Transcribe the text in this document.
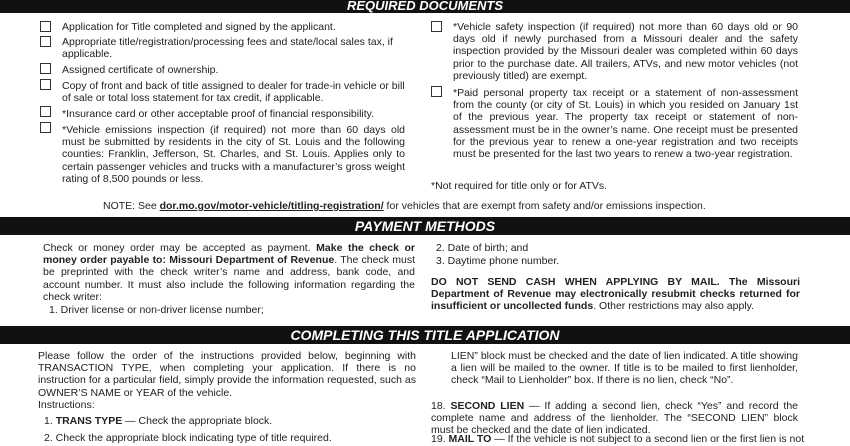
REQUIRED DOCUMENTS
Application for Title completed and signed by the applicant.
Appropriate title/registration/processing fees and state/local sales tax, if applicable.
Assigned certificate of ownership.
Copy of front and back of title assigned to dealer for trade-in vehicle or bill of sale or total loss statement for tax credit, if applicable.
*Insurance card or other acceptable proof of financial responsibility.
*Vehicle emissions inspection (if required) not more than 60 days old must be submitted by residents in the city of St. Louis and the following counties: Franklin, Jefferson, St. Charles, and St. Louis. Applies only to certain passenger vehicles and trucks with a manufacturer’s gross weight rating of 8,500 pounds or less.
*Vehicle safety inspection (if required) not more than 60 days old or 90 days old if newly purchased from a Missouri dealer and the safety inspection provided by the Missouri dealer was completed within 60 days prior to the purchase date. All trailers, ATVs, and new motor vehicles (not previously titled) are exempt.
*Paid personal property tax receipt or a statement of non-assessment from the county (or city of St. Louis) in which you resided on January 1st of the previous year. The property tax receipt or statement of non-assessment must be in the owner’s name. One receipt must be presented for the previous year to renew a one-year registration and two receipts must be presented for the last two years to renew a two-year registration.
*Not required for title only or for ATVs.
NOTE: See dor.mo.gov/motor-vehicle/titling-registration/ for vehicles that are exempt from safety and/or emissions inspection.
PAYMENT METHODS
Check or money order may be accepted as payment. Make the check or money order payable to: Missouri Department of Revenue. The check must be preprinted with the check writer’s name and address, bank code, and account number. It must also include the following information regarding the check writer:
1. Driver license or non-driver license number;
2. Date of birth; and
3. Daytime phone number.
DO NOT SEND CASH WHEN APPLYING BY MAIL. The Missouri Department of Revenue may electronically resubmit checks returned for insufficient or uncollected funds. Other restrictions may also apply.
COMPLETING THIS TITLE APPLICATION
Please follow the order of the instructions provided below, beginning with TRANSACTION TYPE, when completing your application. If there is no instruction for a particular field, simply provide the information requested, such as OWNER’S NAME or YEAR of the vehicle.
Instructions:
1. TRANS TYPE — Check the appropriate block.
2. Check the appropriate block indicating type of title required.
LIEN” block must be checked and the date of lien indicated. A title showing a lien will be mailed to the owner. If title is to be mailed to first lienholder, check “Mail to Lienholder” box. If there is no lien, check “No”.
18. SECOND LIEN — If adding a second lien, check “Yes” and record the complete name and address of the lienholder. The “SECOND LIEN” block must be checked and the date of lien indicated.
19. MAIL TO — If the vehicle is not subject to a second lien or the first lien is not
